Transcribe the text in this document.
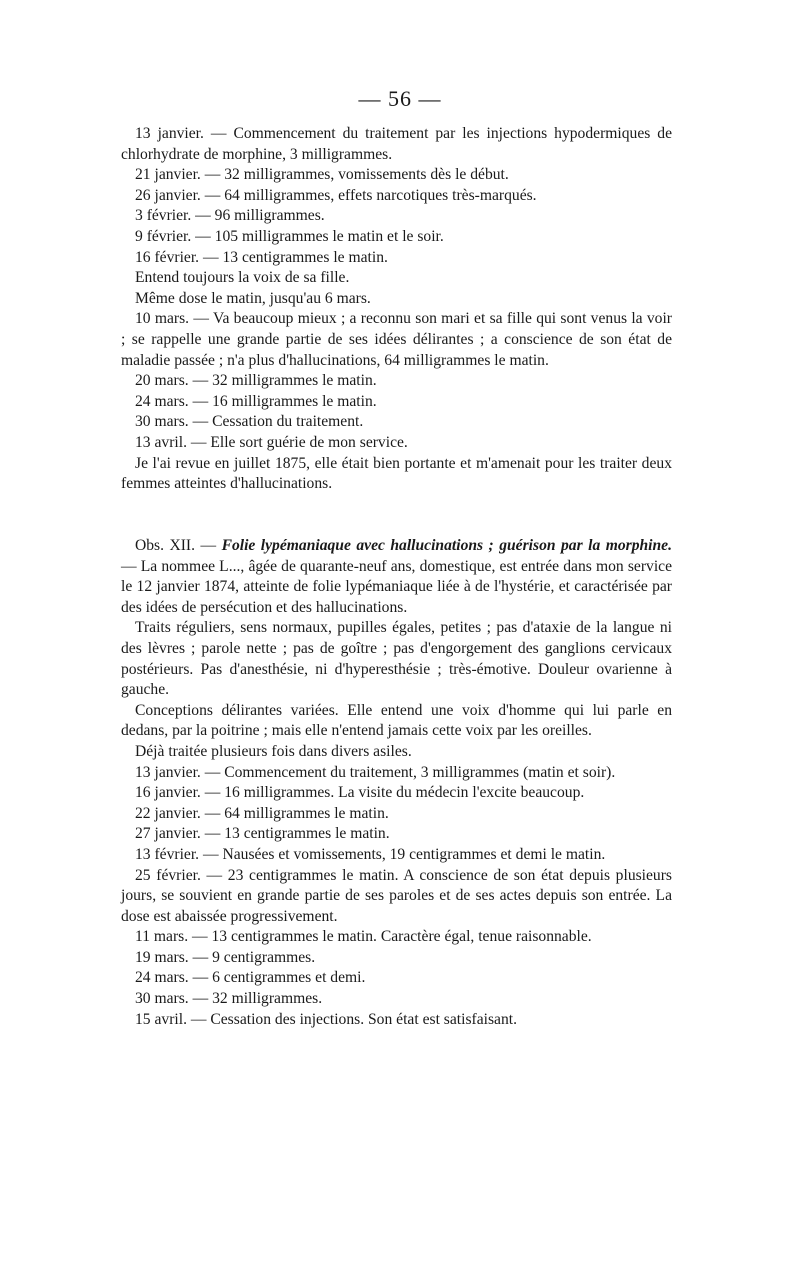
— 56 —

13 janvier. — Commencement du traitement par les injections hypodermiques de chlorhydrate de morphine, 3 milligrammes.

21 janvier. — 32 milligrammes, vomissements dès le début.

26 janvier. — 64 milligrammes, effets narcotiques très-marqués.

3 février. — 96 milligrammes.

9 février. — 105 milligrammes le matin et le soir.

16 février. — 13 centigrammes le matin.

Entend toujours la voix de sa fille.

Même dose le matin, jusqu'au 6 mars.

10 mars. — Va beaucoup mieux ; a reconnu son mari et sa fille qui sont venus la voir ; se rappelle une grande partie de ses idées délirantes ; a conscience de son état de maladie passée ; n'a plus d'hallucinations, 64 milligrammes le matin.

20 mars. — 32 milligrammes le matin.

24 mars. — 16 milligrammes le matin.

30 mars. — Cessation du traitement.

13 avril. — Elle sort guérie de mon service.

Je l'ai revue en juillet 1875, elle était bien portante et m'amenait pour les traiter deux femmes atteintes d'hallucinations.

Obs. XII. — Folie lypémaniaque avec hallucinations ; guérison par la morphine. — La nommee L..., âgée de quarante-neuf ans, domestique, est entrée dans mon service le 12 janvier 1874, atteinte de folie lypémaniaque liée à de l'hystérie, et caractérisée par des idées de persécution et des hallucinations.

Traits réguliers, sens normaux, pupilles égales, petites ; pas d'ataxie de la langue ni des lèvres ; parole nette ; pas de goître ; pas d'engorgement des ganglions cervicaux postérieurs. Pas d'anesthésie, ni d'hyperesthésie ; très-émotive. Douleur ovarienne à gauche.

Conceptions délirantes variées. Elle entend une voix d'homme qui lui parle en dedans, par la poitrine ; mais elle n'entend jamais cette voix par les oreilles.

Déjà traitée plusieurs fois dans divers asiles.

13 janvier. — Commencement du traitement, 3 milligrammes (matin et soir).

16 janvier. — 16 milligrammes. La visite du médecin l'excite beaucoup.

22 janvier. — 64 milligrammes le matin.

27 janvier. — 13 centigrammes le matin.

13 février. — Nausées et vomissements, 19 centigrammes et demi le matin.

25 février. — 23 centigrammes le matin. A conscience de son état depuis plusieurs jours, se souvient en grande partie de ses paroles et de ses actes depuis son entrée. La dose est abaissée progressivement.

11 mars. — 13 centigrammes le matin. Caractère égal, tenue raisonnable.

19 mars. — 9 centigrammes.

24 mars. — 6 centigrammes et demi.

30 mars. — 32 milligrammes.

15 avril. — Cessation des injections. Son état est satisfaisant.
